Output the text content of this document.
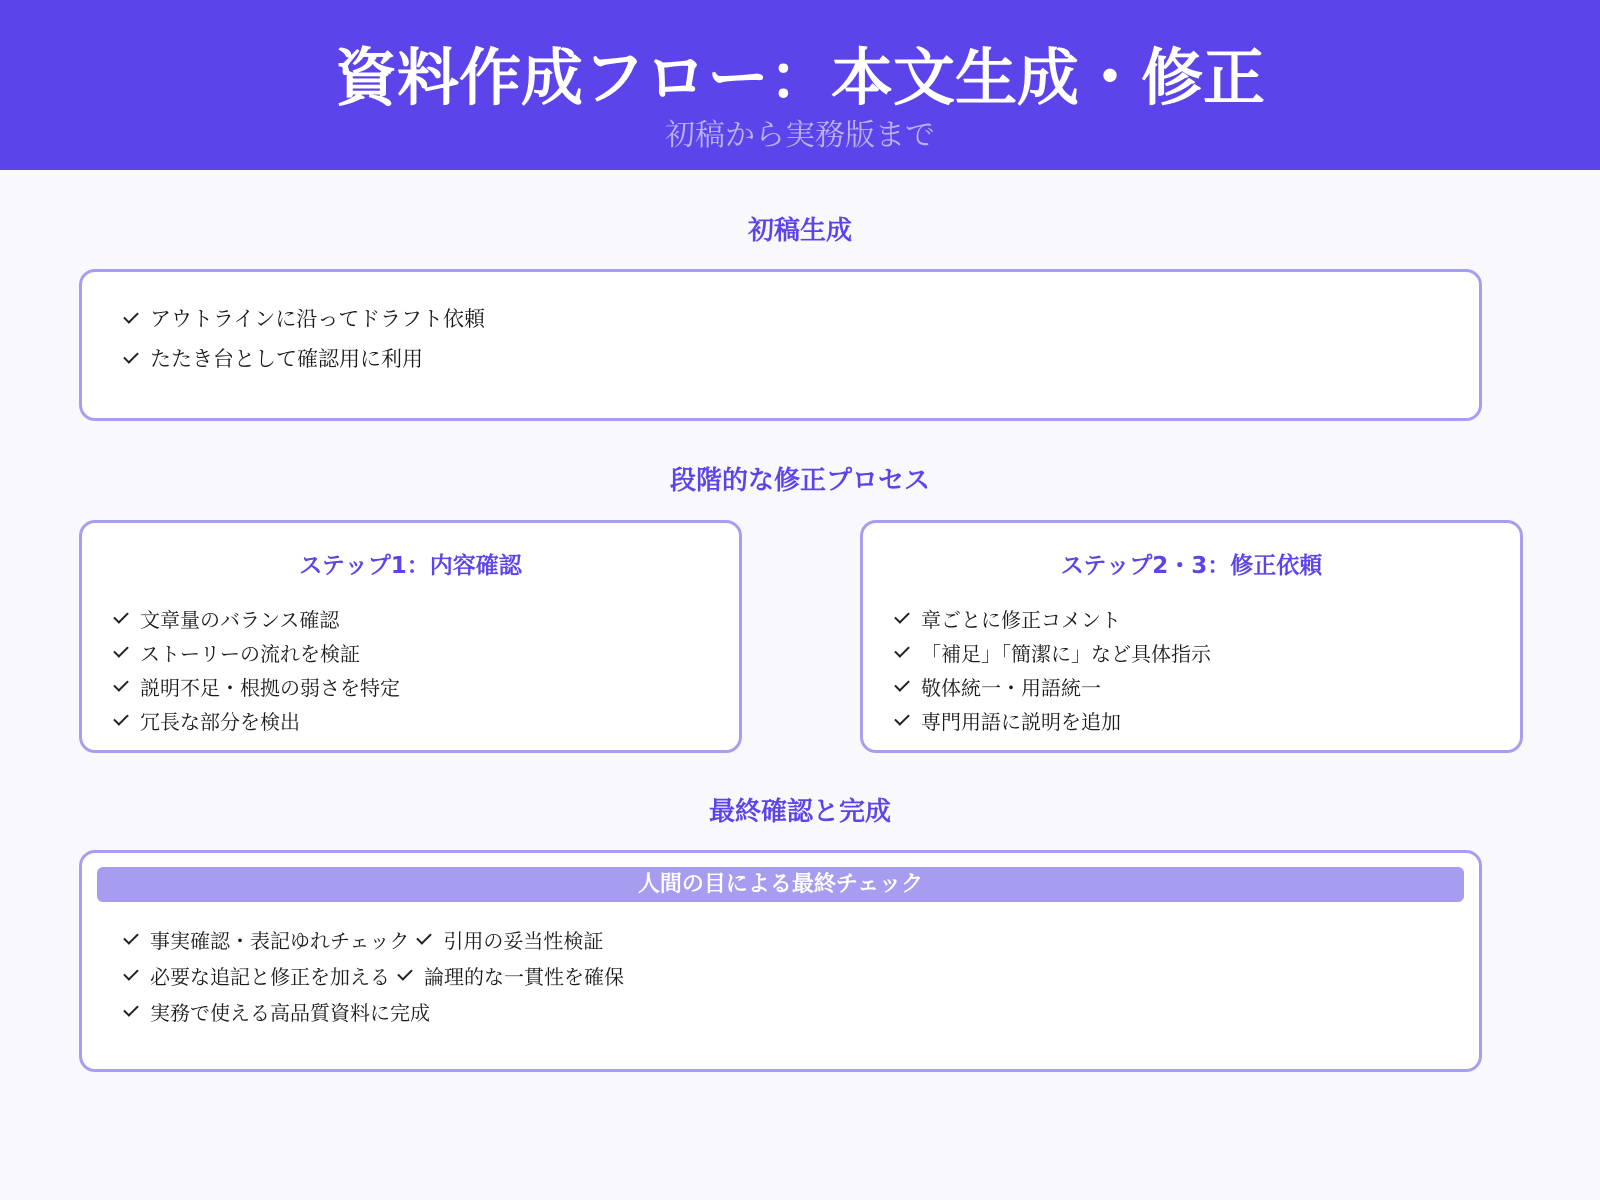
資料作成フロー：本文生成・修正
初稿から実務版まで
初稿生成
アウトラインに沿ってドラフト依頼
たたき台として確認用に利用
段階的な修正プロセス
ステップ1：内容確認
文章量のバランス確認
ストーリーの流れを検証
説明不足・根拠の弱さを特定
冗長な部分を検出
ステップ2・3：修正依頼
章ごとに修正コメント
「補足」「簡潔に」など具体指示
敬体統一・用語統一
専門用語に説明を追加
最終確認と完成
人間の目による最終チェック
事実確認・表記ゆれチェック 引用の妥当性検証
必要な追記と修正を加える 論理的な一貫性を確保
実務で使える高品質資料に完成
